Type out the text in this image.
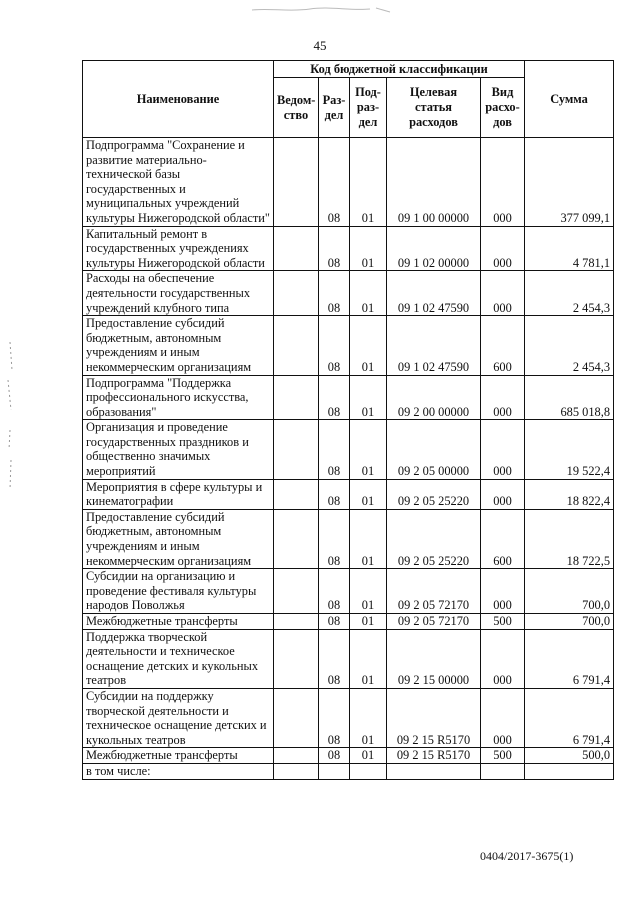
45
Наименование	Код бюджетной классификации					Сумма
	Ведом-ство	Раз-дел	Под-раз-дел	Целевая статья расходов	Вид расхо-дов	
Подпрограмма "Сохранение и развитие материально-технической базы государственных и муниципальных учреждений культуры Нижегородской области"		08	01	09 1 00 00000	000	377 099,1
Капитальный ремонт в государственных учреждениях культуры Нижегородской области		08	01	09 1 02 00000	000	4 781,1
Расходы на обеспечение деятельности государственных учреждений клубного типа		08	01	09 1 02 47590	000	2 454,3
Предоставление субсидий бюджетным, автономным учреждениям и иным некоммерческим организациям		08	01	09 1 02 47590	600	2 454,3
Подпрограмма "Поддержка профессионального искусства, образования"		08	01	09 2 00 00000	000	685 018,8
Организация и проведение государственных праздников и общественно значимых мероприятий		08	01	09 2 05 00000	000	19 522,4
Мероприятия в сфере культуры и кинематографии		08	01	09 2 05 25220	000	18 822,4
Предоставление субсидий бюджетным, автономным учреждениям и иным некоммерческим организациям		08	01	09 2 05 25220	600	18 722,5
Субсидии на организацию и проведение фестиваля культуры народов Поволжья		08	01	09 2 05 72170	000	700,0
Межбюджетные трансферты		08	01	09 2 05 72170	500	700,0
Поддержка творческой деятельности и техническое оснащение детских и кукольных театров		08	01	09 2 15 00000	000	6 791,4
Субсидии на поддержку творческой деятельности и техническое оснащение детских и кукольных театров		08	01	09 2 15 R5170	000	6 791,4
Межбюджетные трансферты		08	01	09 2 15 R5170	500	500,0
в том числе:						
0404/2017-3675(1)
